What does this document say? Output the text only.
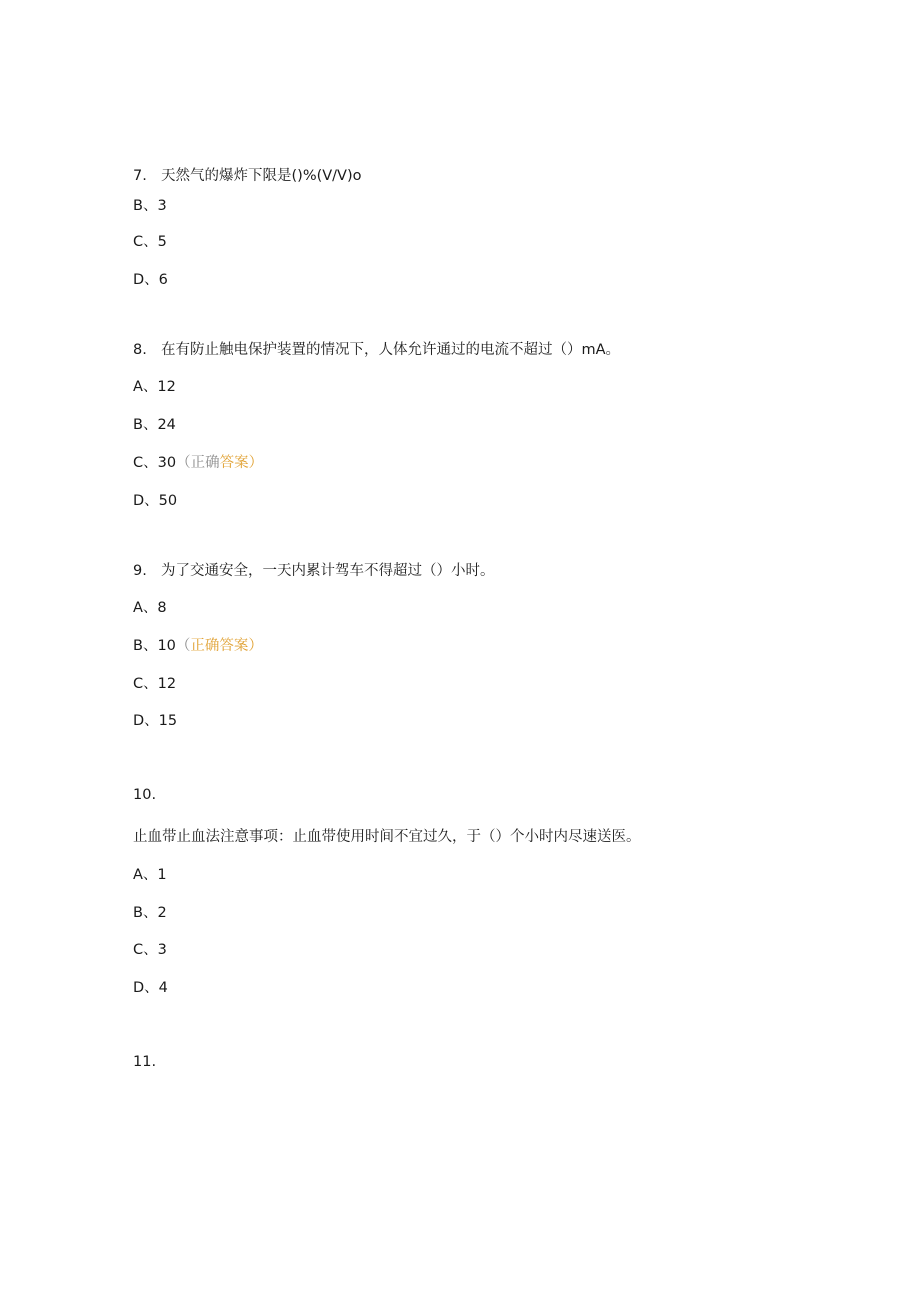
7. 天然气的爆炸下限是()%(V/V)o
B、3
C、5
D、6
8. 在有防止触电保护装置的情况下，人体允许通过的电流不超过（）mA。
A、12
B、24
C、30（正确答案）
D、50
9. 为了交通安全，一天内累计驾车不得超过（）小时。
A、8
B、10（正确答案）
C、12
D、15
10.
止血带止血法注意事项：止血带使用时间不宜过久，于（）个小时内尽速送医。
A、1
B、2
C、3
D、4
11.
